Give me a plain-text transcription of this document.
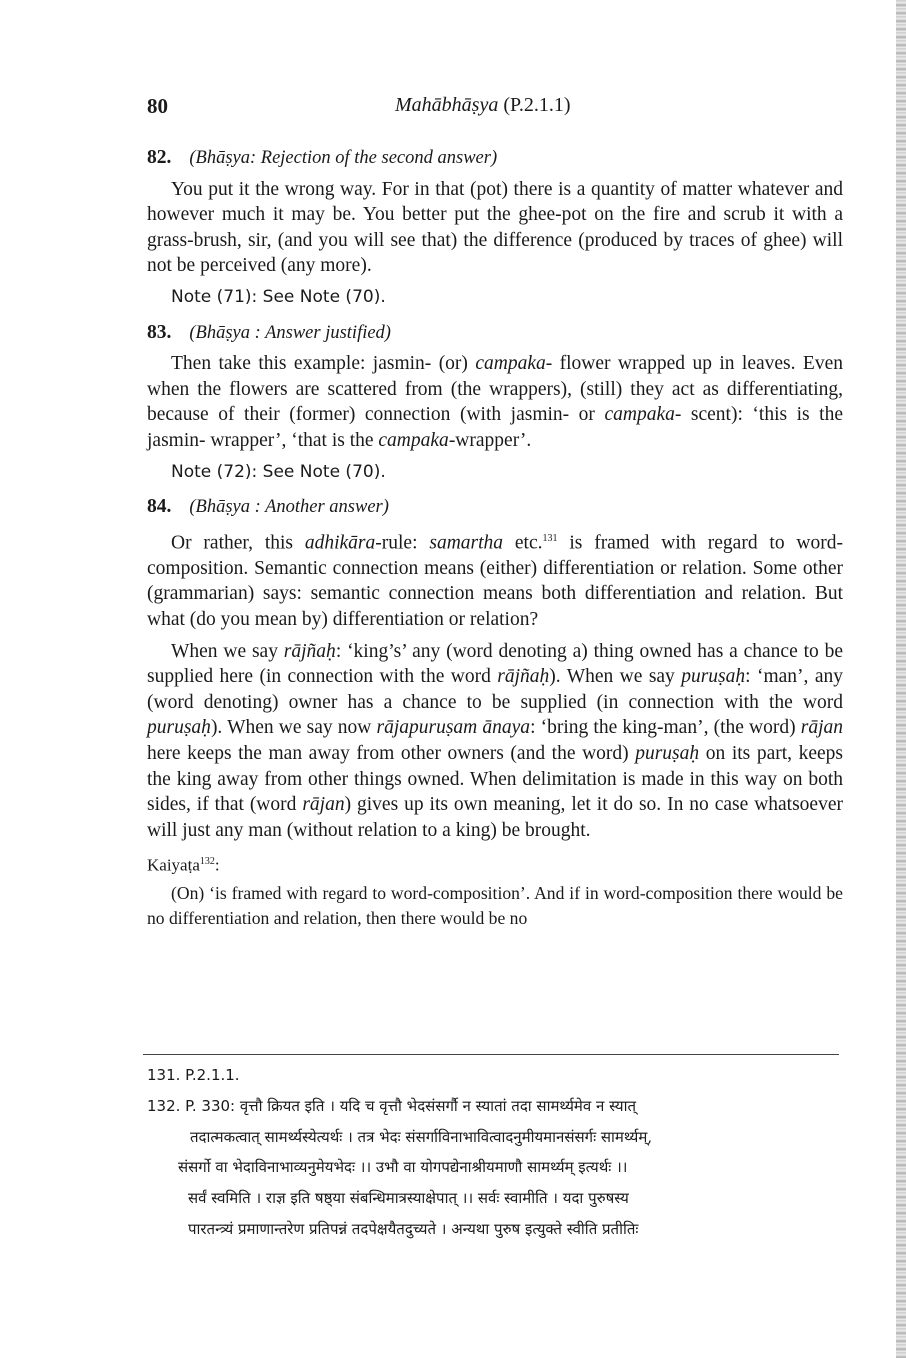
80	Mahābhāṣya (P.2.1.1)
82. (Bhāṣya: Rejection of the second answer)

You put it the wrong way. For in that (pot) there is a quantity of matter whatever and however much it may be. You better put the ghee-pot on the fire and scrub it with a grass-brush, sir, (and you will see that) the difference (produced by traces of ghee) will not be perceived (any more).

Note (71): See Note (70).

83. (Bhāṣya : Answer justified)

Then take this example: jasmin- (or) campaka- flower wrapped up in leaves. Even when the flowers are scattered from (the wrappers), (still) they act as differentiating, because of their (former) connection (with jasmin- or campaka- scent): ‘this is the jasmin- wrapper’, ‘that is the campaka-wrapper’.

Note (72): See Note (70).

84. (Bhāṣya : Another answer)

Or rather, this adhikāra-rule: samartha etc.$^{131}$ is framed with regard to word-composition. Semantic connection means (either) differentiation or relation. Some other (grammarian) says: semantic connection means both differentiation and relation. But what (do you mean by) differentiation or relation?

When we say rājñaḥ: ‘king’s’ any (word denoting a) thing owned has a chance to be supplied here (in connection with the word rājñaḥ). When we say puruṣaḥ: ‘man’, any (word denoting) owner has a chance to be supplied (in connection with the word puruṣaḥ). When we say now rājapuruṣam ānaya: ‘bring the king-man’, (the word) rājan here keeps the man away from other owners (and the word) puruṣaḥ on its part, keeps the king away from other things owned. When delimitation is made in this way on both sides, if that (word rājan) gives up its own meaning, let it do so. In no case whatsoever will just any man (without relation to a king) be brought.

Kaiyaṭa$^{132}$:

(On) ‘is framed with regard to word-composition’. And if in word-composition there would be no differentiation and relation, then there would be no

131. P.2.1.1.
132. P. 330: वृत्तौ क्रियत इति । यदि च वृत्तौ भेदसंसर्गौ न स्यातां तदा सामर्थ्यमेव न स्यात्
तदात्मकत्वात् सामर्थ्यस्येत्यर्थः । तत्र भेदः संसर्गाविनाभावित्वादनुमीयमानसंसर्गः सामर्थ्यम्,
संसर्गो वा भेदाविनाभाव्यनुमेयभेदः ।। उभौ वा योगपद्येनाश्रीयमाणौ सामर्थ्यम् इत्यर्थः ।।
सर्वं स्वमिति । राज्ञ इति षष्ठ्या संबन्धिमात्रस्याक्षेपात् ।। सर्वः स्वामीति । यदा पुरुषस्य
पारतन्त्र्यं प्रमाणान्तरेण प्रतिपन्नं तदपेक्षयैतदुच्यते । अन्यथा पुरुष इत्युक्ते स्वीति प्रतीतिः
